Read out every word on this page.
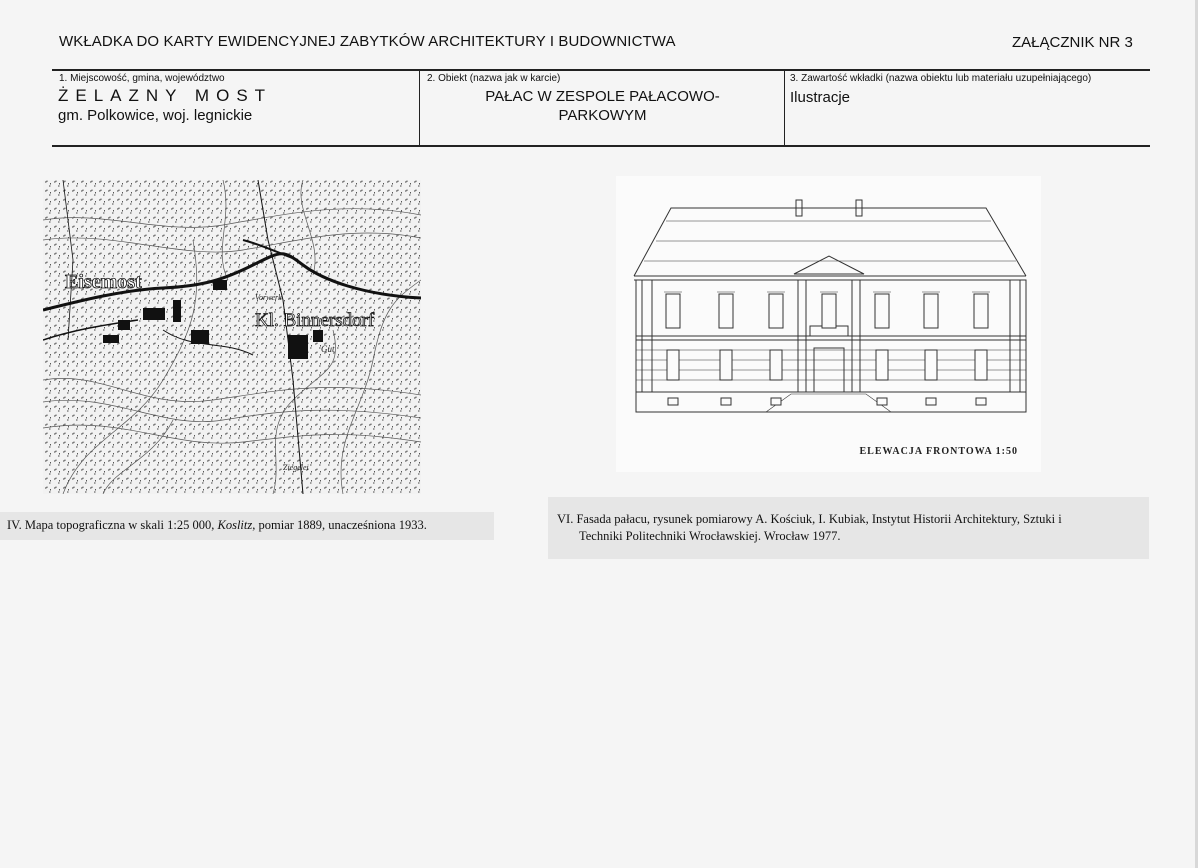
WKŁADKA DO KARTY EWIDENCYJNEJ ZABYTKÓW ARCHITEKTURY I BUDOWNICTWA	ZAŁĄCZNIK NR 3
1. Miejscowość, gmina, województwo
ŻELAZNY MOST
gm. Polkowice, woj. legnickie
2. Obiekt (nazwa jak w karcie)
PAŁAC W ZESPOLE PAŁACOWO-
PARKOWYM
3. Zawartość wkładki (nazwa obiektu lub materiału uzupełniającego)
Ilustracje
Eisemost
Kl. Binnersdorf
Vorwerk
Gut
Ziegelei
ELEWACJA FRONTOWA 1:50
IV. Mapa topograficzna w skali 1:25 000, Koslitz, pomiar 1889, unacześniona 1933.	VI. Fasada pałacu, rysunek pomiarowy A. Kościuk, I. Kubiak, Instytut Historii Architektury, Sztuki i
Techniki Politechniki Wrocławskiej. Wrocław 1977.
